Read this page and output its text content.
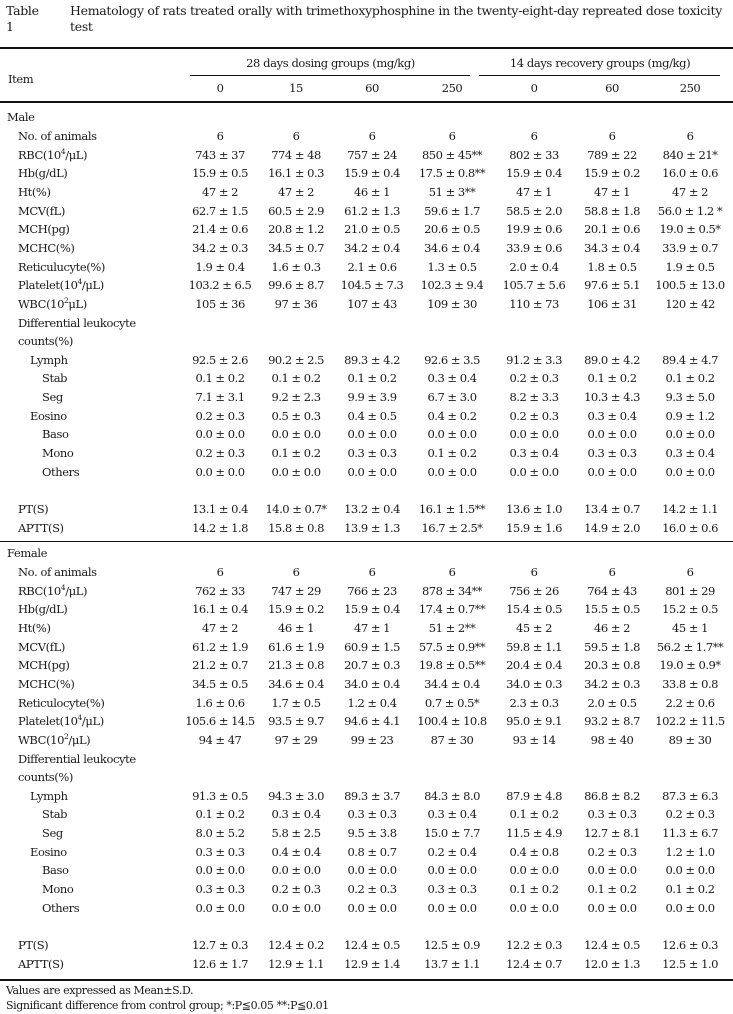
Table 1
Hematology of rats treated orally with trimethoxyphosphine in the twenty-eight-day repreated dose toxicity test
Item
28 days dosing groups (mg/kg)	14 days recovery groups (mg/kg)
0	15	60	250	0	60	250
Male
No. of animals	6	6	6	6	6	6	6
$RBC(10^4/\mu L)$	743 ± 37	774 ± 48	757 ± 24	850 ± 45**	802 ± 33	789 ± 22	840 ± 21*
Hb(g/dL)	15.9 ± 0.5	16.1 ± 0.3	15.9 ± 0.4	17.5 ± 0.8**	15.9 ± 0.4	15.9 ± 0.2	16.0 ± 0.6
Ht(%)	47 ± 2	47 ± 2	46 ± 1	51 ± 3**	47 ± 1	47 ± 1	47 ± 2
MCV(fL)	62.7 ± 1.5	60.5 ± 2.9	61.2 ± 1.3	59.6 ± 1.7	58.5 ± 2.0	58.8 ± 1.8	56.0 ± 1.2 *
MCH(pg)	21.4 ± 0.6	20.8 ± 1.2	21.0 ± 0.5	20.6 ± 0.5	19.9 ± 0.6	20.1 ± 0.6	19.0 ± 0.5*
MCHC(%)	34.2 ± 0.3	34.5 ± 0.7	34.2 ± 0.4	34.6 ± 0.4	33.9 ± 0.6	34.3 ± 0.4	33.9 ± 0.7
Reticulucyte(%)	1.9 ± 0.4	1.6 ± 0.3	2.1 ± 0.6	1.3 ± 0.5	2.0 ± 0.4	1.8 ± 0.5	1.9 ± 0.5
$Platelet(10^4/\mu L)$	103.2 ± 6.5	99.6 ± 8.7	104.5 ± 7.3	102.3 ± 9.4	105.7 ± 5.6	97.6 ± 5.1	100.5 ± 13.0
$WBC(10^2\mu L)$	105 ± 36	97 ± 36	107 ± 43	109 ± 30	110 ± 73	106 ± 31	120 ± 42
Differential leukocyte
counts(%)
Lymph	92.5 ± 2.6	90.2 ± 2.5	89.3 ± 4.2	92.6 ± 3.5	91.2 ± 3.3	89.0 ± 4.2	89.4 ± 4.7
Stab	0.1 ± 0.2	0.1 ± 0.2	0.1 ± 0.2	0.3 ± 0.4	0.2 ± 0.3	0.1 ± 0.2	0.1 ± 0.2
Seg	7.1 ± 3.1	9.2 ± 2.3	9.9 ± 3.9	6.7 ± 3.0	8.2 ± 3.3	10.3 ± 4.3	9.3 ± 5.0
Eosino	0.2 ± 0.3	0.5 ± 0.3	0.4 ± 0.5	0.4 ± 0.2	0.2 ± 0.3	0.3 ± 0.4	0.9 ± 1.2
Baso	0.0 ± 0.0	0.0 ± 0.0	0.0 ± 0.0	0.0 ± 0.0	0.0 ± 0.0	0.0 ± 0.0	0.0 ± 0.0
Mono	0.2 ± 0.3	0.1 ± 0.2	0.3 ± 0.3	0.1 ± 0.2	0.3 ± 0.4	0.3 ± 0.3	0.3 ± 0.4
Others	0.0 ± 0.0	0.0 ± 0.0	0.0 ± 0.0	0.0 ± 0.0	0.0 ± 0.0	0.0 ± 0.0	0.0 ± 0.0
PT(S)	13.1 ± 0.4	14.0 ± 0.7*	13.2 ± 0.4	16.1 ± 1.5**	13.6 ± 1.0	13.4 ± 0.7	14.2 ± 1.1
APTT(S)	14.2 ± 1.8	15.8 ± 0.8	13.9 ± 1.3	16.7 ± 2.5*	15.9 ± 1.6	14.9 ± 2.0	16.0 ± 0.6
Female
No. of animals	6	6	6	6	6	6	6
$RBC(10^4/\mu L)$	762 ± 33	747 ± 29	766 ± 23	878 ± 34**	756 ± 26	764 ± 43	801 ± 29
Hb(g/dL)	16.1 ± 0.4	15.9 ± 0.2	15.9 ± 0.4	17.4 ± 0.7**	15.4 ± 0.5	15.5 ± 0.5	15.2 ± 0.5
Ht(%)	47 ± 2	46 ± 1	47 ± 1	51 ± 2**	45 ± 2	46 ± 2	45 ± 1
MCV(fL)	61.2 ± 1.9	61.6 ± 1.9	60.9 ± 1.5	57.5 ± 0.9**	59.8 ± 1.1	59.5 ± 1.8	56.2 ± 1.7**
MCH(pg)	21.2 ± 0.7	21.3 ± 0.8	20.7 ± 0.3	19.8 ± 0.5**	20.4 ± 0.4	20.3 ± 0.8	19.0 ± 0.9*
MCHC(%)	34.5 ± 0.5	34.6 ± 0.4	34.0 ± 0.4	34.4 ± 0.4	34.0 ± 0.3	34.2 ± 0.3	33.8 ± 0.8
Reticulocyte(%)	1.6 ± 0.6	1.7 ± 0.5	1.2 ± 0.4	0.7 ± 0.5*	2.3 ± 0.3	2.0 ± 0.5	2.2 ± 0.6
$Platelet(10^4/\mu L)$	105.6 ± 14.5	93.5 ± 9.7	94.6 ± 4.1	100.4 ± 10.8	95.0 ± 9.1	93.2 ± 8.7	102.2 ± 11.5
$WBC(10^2/\mu L)$	94 ± 47	97 ± 29	99 ± 23	87 ± 30	93 ± 14	98 ± 40	89 ± 30
Differential leukocyte
counts(%)
Lymph	91.3 ± 0.5	94.3 ± 3.0	89.3 ± 3.7	84.3 ± 8.0	87.9 ± 4.8	86.8 ± 8.2	87.3 ± 6.3
Stab	0.1 ± 0.2	0.3 ± 0.4	0.3 ± 0.3	0.3 ± 0.4	0.1 ± 0.2	0.3 ± 0.3	0.2 ± 0.3
Seg	8.0 ± 5.2	5.8 ± 2.5	9.5 ± 3.8	15.0 ± 7.7	11.5 ± 4.9	12.7 ± 8.1	11.3 ± 6.7
Eosino	0.3 ± 0.3	0.4 ± 0.4	0.8 ± 0.7	0.2 ± 0.4	0.4 ± 0.8	0.2 ± 0.3	1.2 ± 1.0
Baso	0.0 ± 0.0	0.0 ± 0.0	0.0 ± 0.0	0.0 ± 0.0	0.0 ± 0.0	0.0 ± 0.0	0.0 ± 0.0
Mono	0.3 ± 0.3	0.2 ± 0.3	0.2 ± 0.3	0.3 ± 0.3	0.1 ± 0.2	0.1 ± 0.2	0.1 ± 0.2
Others	0.0 ± 0.0	0.0 ± 0.0	0.0 ± 0.0	0.0 ± 0.0	0.0 ± 0.0	0.0 ± 0.0	0.0 ± 0.0
PT(S)	12.7 ± 0.3	12.4 ± 0.2	12.4 ± 0.5	12.5 ± 0.9	12.2 ± 0.3	12.4 ± 0.5	12.6 ± 0.3
APTT(S)	12.6 ± 1.7	12.9 ± 1.1	12.9 ± 1.4	13.7 ± 1.1	12.4 ± 0.7	12.0 ± 1.3	12.5 ± 1.0
Values are expressed as Mean±S.D.
Significant difference from control group; *:P≦0.05 **:P≦0.01
